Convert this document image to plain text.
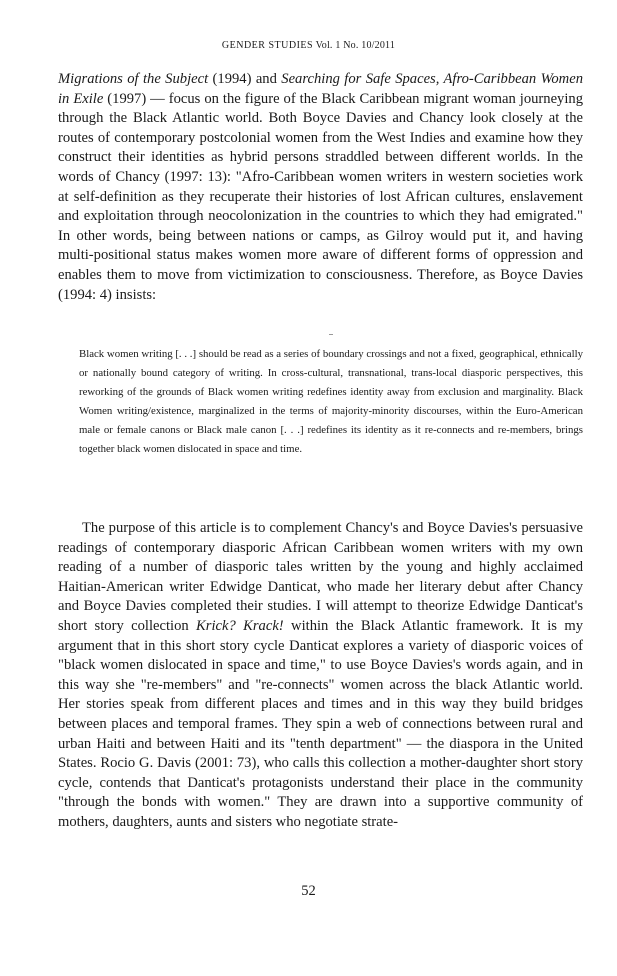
GENDER STUDIES Vol. 1 No. 10/2011

Migrations of the Subject (1994) and Searching for Safe Spaces, Afro-Caribbean Women in Exile (1997) — focus on the figure of the Black Caribbean migrant woman journeying through the Black Atlantic world. Both Boyce Davies and Chancy look closely at the routes of contemporary postcolonial women from the West Indies and examine how they construct their identities as hybrid persons straddled between different worlds. In the words of Chancy (1997: 13): "Afro-Caribbean women writers in western societies work at self-definition as they recuperate their histories of lost African cultures, enslavement and exploitation through neocolonization in the countries to which they had emigrated." In other words, being between nations or camps, as Gilroy would put it, and having multi-positional status makes women more aware of different forms of oppression and enables them to move from victimization to consciousness. Therefore, as Boyce Davies (1994: 4) insists:

Black women writing [. . .] should be read as a series of boundary crossings and not a fixed, geographical, ethnically or nationally bound category of writing. In cross-cultural, transnational, trans-local diasporic perspectives, this reworking of the grounds of Black women writing redefines identity away from exclusion and marginality. Black Women writing/existence, marginalized in the terms of majority-minority discourses, within the Euro-American male or female canons or Black male canon [. . .] redefines its identity as it re-connects and re-members, brings together black women dislocated in space and time.

The purpose of this article is to complement Chancy's and Boyce Davies's persuasive readings of contemporary diasporic African Caribbean women writers with my own reading of a number of diasporic tales written by the young and highly acclaimed Haitian-American writer Edwidge Danticat, who made her literary debut after Chancy and Boyce Davies completed their studies. I will attempt to theorize Edwidge Danticat's short story collection Krick? Krack! within the Black Atlantic framework. It is my argument that in this short story cycle Danticat explores a variety of diasporic voices of "black women dislocated in space and time," to use Boyce Davies's words again, and in this way she "re-members" and "re-connects" women across the black Atlantic world. Her stories speak from different places and times and in this way they build bridges between places and temporal frames. They spin a web of connections between rural and urban Haiti and between Haiti and its "tenth department" — the diaspora in the United States. Rocio G. Davis (2001: 73), who calls this collection a mother-daughter short story cycle, contends that Danticat's protagonists understand their place in the community "through the bonds with women." They are drawn into a supportive community of mothers, daughters, aunts and sisters who negotiate strate-

52
